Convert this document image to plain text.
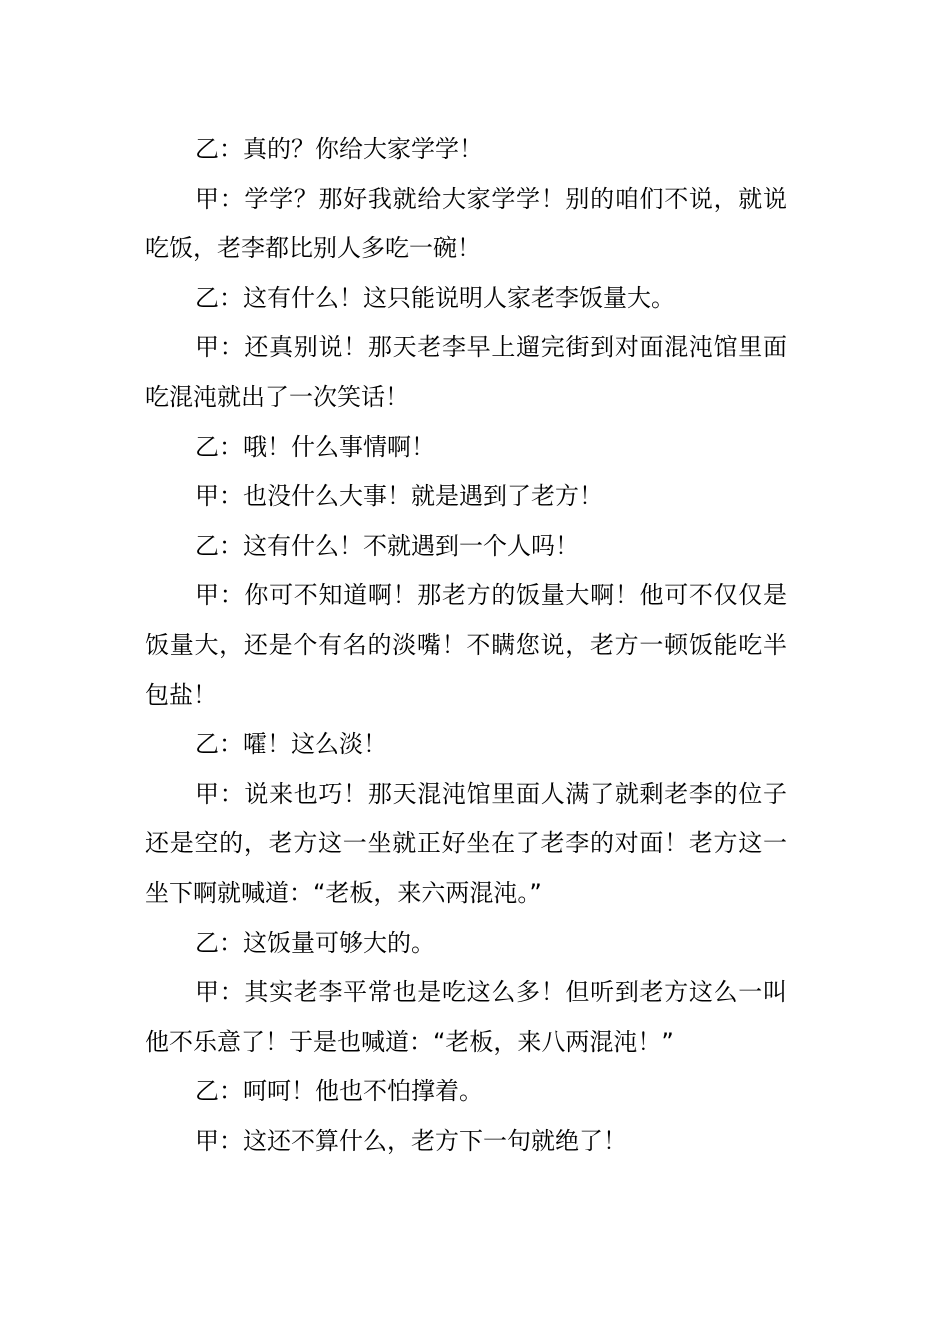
乙：真的？你给大家学学！

甲：学学？那好我就给大家学学！别的咱们不说，就说吃饭，老李都比别人多吃一碗！

乙：这有什么！这只能说明人家老李饭量大。

甲：还真别说！那天老李早上遛完街到对面混沌馆里面吃混沌就出了一次笑话！

乙：哦！什么事情啊！

甲：也没什么大事！就是遇到了老方！

乙：这有什么！不就遇到一个人吗！

甲：你可不知道啊！那老方的饭量大啊！他可不仅仅是饭量大，还是个有名的淡嘴！不瞒您说，老方一顿饭能吃半包盐！

乙：嚯！这么淡！

甲：说来也巧！那天混沌馆里面人满了就剩老李的位子还是空的，老方这一坐就正好坐在了老李的对面！老方这一坐下啊就喊道：“老板，来六两混沌。”

乙：这饭量可够大的。

甲：其实老李平常也是吃这么多！但听到老方这么一叫他不乐意了！于是也喊道：“老板，来八两混沌！”

乙：呵呵！他也不怕撑着。

甲：这还不算什么，老方下一句就绝了！
